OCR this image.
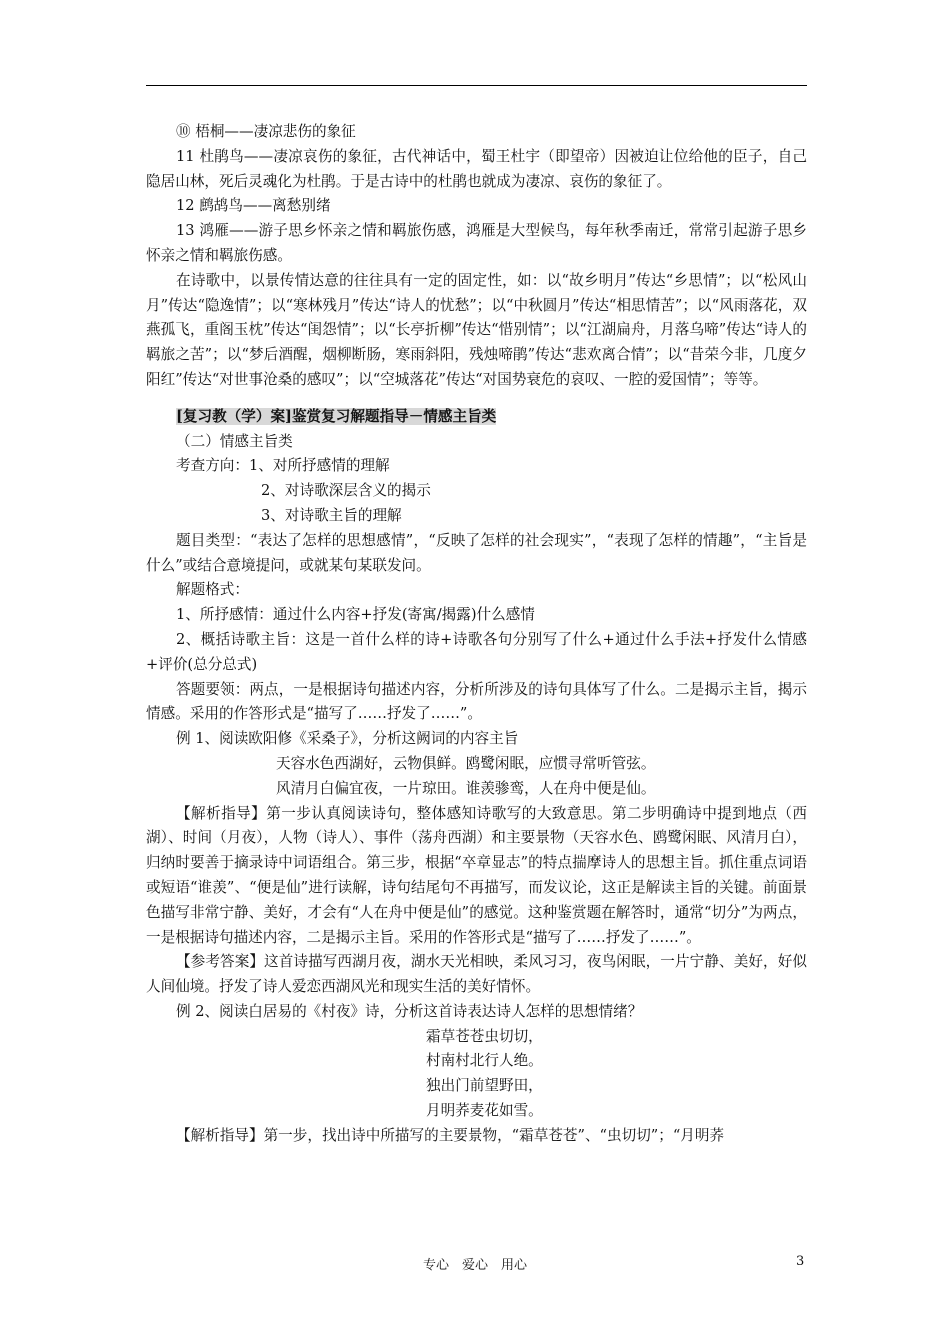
⑩ 梧桐——凄凉悲伤的象征

11 杜鹃鸟——凄凉哀伤的象征，古代神话中，蜀王杜宇（即望帝）因被迫让位给他的臣子，自己隐居山林，死后灵魂化为杜鹃。于是古诗中的杜鹃也就成为凄凉、哀伤的象征了。

12 鹧鸪鸟——离愁别绪

13 鸿雁——游子思乡怀亲之情和羁旅伤感，鸿雁是大型候鸟，每年秋季南迁，常常引起游子思乡怀亲之情和羁旅伤感。

在诗歌中，以景传情达意的往往具有一定的固定性，如：以“故乡明月”传达“乡思情”；以“松风山月”传达“隐逸情”；以“寒林残月”传达“诗人的忧愁”；以“中秋圆月”传达“相思情苦”；以“风雨落花，双燕孤飞，重阁玉枕”传达“闺怨情”；以“长亭折柳”传达“惜别情”；以“江湖扁舟，月落乌啼”传达“诗人的羁旅之苦”；以“梦后酒醒，烟柳断肠，寒雨斜阳，残烛啼鹃”传达“悲欢离合情”；以“昔荣今非，几度夕阳红”传达“对世事沧桑的感叹”；以“空城落花”传达“对国势衰危的哀叹、一腔的爱国情”；等等。

[复习教（学）案]鉴赏复习解题指导－情感主旨类

（二）情感主旨类

考查方向：1、对所抒感情的理解

2、对诗歌深层含义的揭示

3、对诗歌主旨的理解

题目类型：“表达了怎样的思想感情”，“反映了怎样的社会现实”，“表现了怎样的情趣”，“主旨是什么”或结合意境提问，或就某句某联发问。

解题格式：

1、所抒感情：通过什么内容+抒发(寄寓/揭露)什么感情

2、概括诗歌主旨：这是一首什么样的诗+诗歌各句分别写了什么+通过什么手法+抒发什么情感+评价(总分总式)

答题要领：两点，一是根据诗句描述内容，分析所涉及的诗句具体写了什么。二是揭示主旨，揭示情感。采用的作答形式是“描写了……抒发了……”。

例 1、阅读欧阳修《采桑子》，分析这阙词的内容主旨

天容水色西湖好，云物俱鲜。鸥鹭闲眠，应惯寻常听管弦。

风清月白偏宜夜，一片琼田。谁羡骖鸾，人在舟中便是仙。

【解析指导】第一步认真阅读诗句，整体感知诗歌写的大致意思。第二步明确诗中提到地点（西湖）、时间（月夜），人物（诗人）、事件（荡舟西湖）和主要景物（天容水色、鸥鹭闲眠、风清月白），归纳时要善于摘录诗中词语组合。第三步，根据“卒章显志”的特点揣摩诗人的思想主旨。抓住重点词语或短语“谁羡”、“便是仙”进行读解，诗句结尾句不再描写，而发议论，这正是解读主旨的关键。前面景色描写非常宁静、美好，才会有“人在舟中便是仙”的感觉。这种鉴赏题在解答时，通常“切分”为两点，一是根据诗句描述内容，二是揭示主旨。采用的作答形式是“描写了……抒发了……”。

【参考答案】这首诗描写西湖月夜，湖水天光相映，柔风习习，夜鸟闲眠，一片宁静、美好，好似人间仙境。抒发了诗人爱恋西湖风光和现实生活的美好情怀。

例 2、阅读白居易的《村夜》诗，分析这首诗表达诗人怎样的思想情绪？

霜草苍苍虫切切，

村南村北行人绝。

独出门前望野田，

月明荞麦花如雪。

【解析指导】第一步，找出诗中所描写的主要景物，“霜草苍苍”、“虫切切”；“月明荞

专心　爱心　用心	3
